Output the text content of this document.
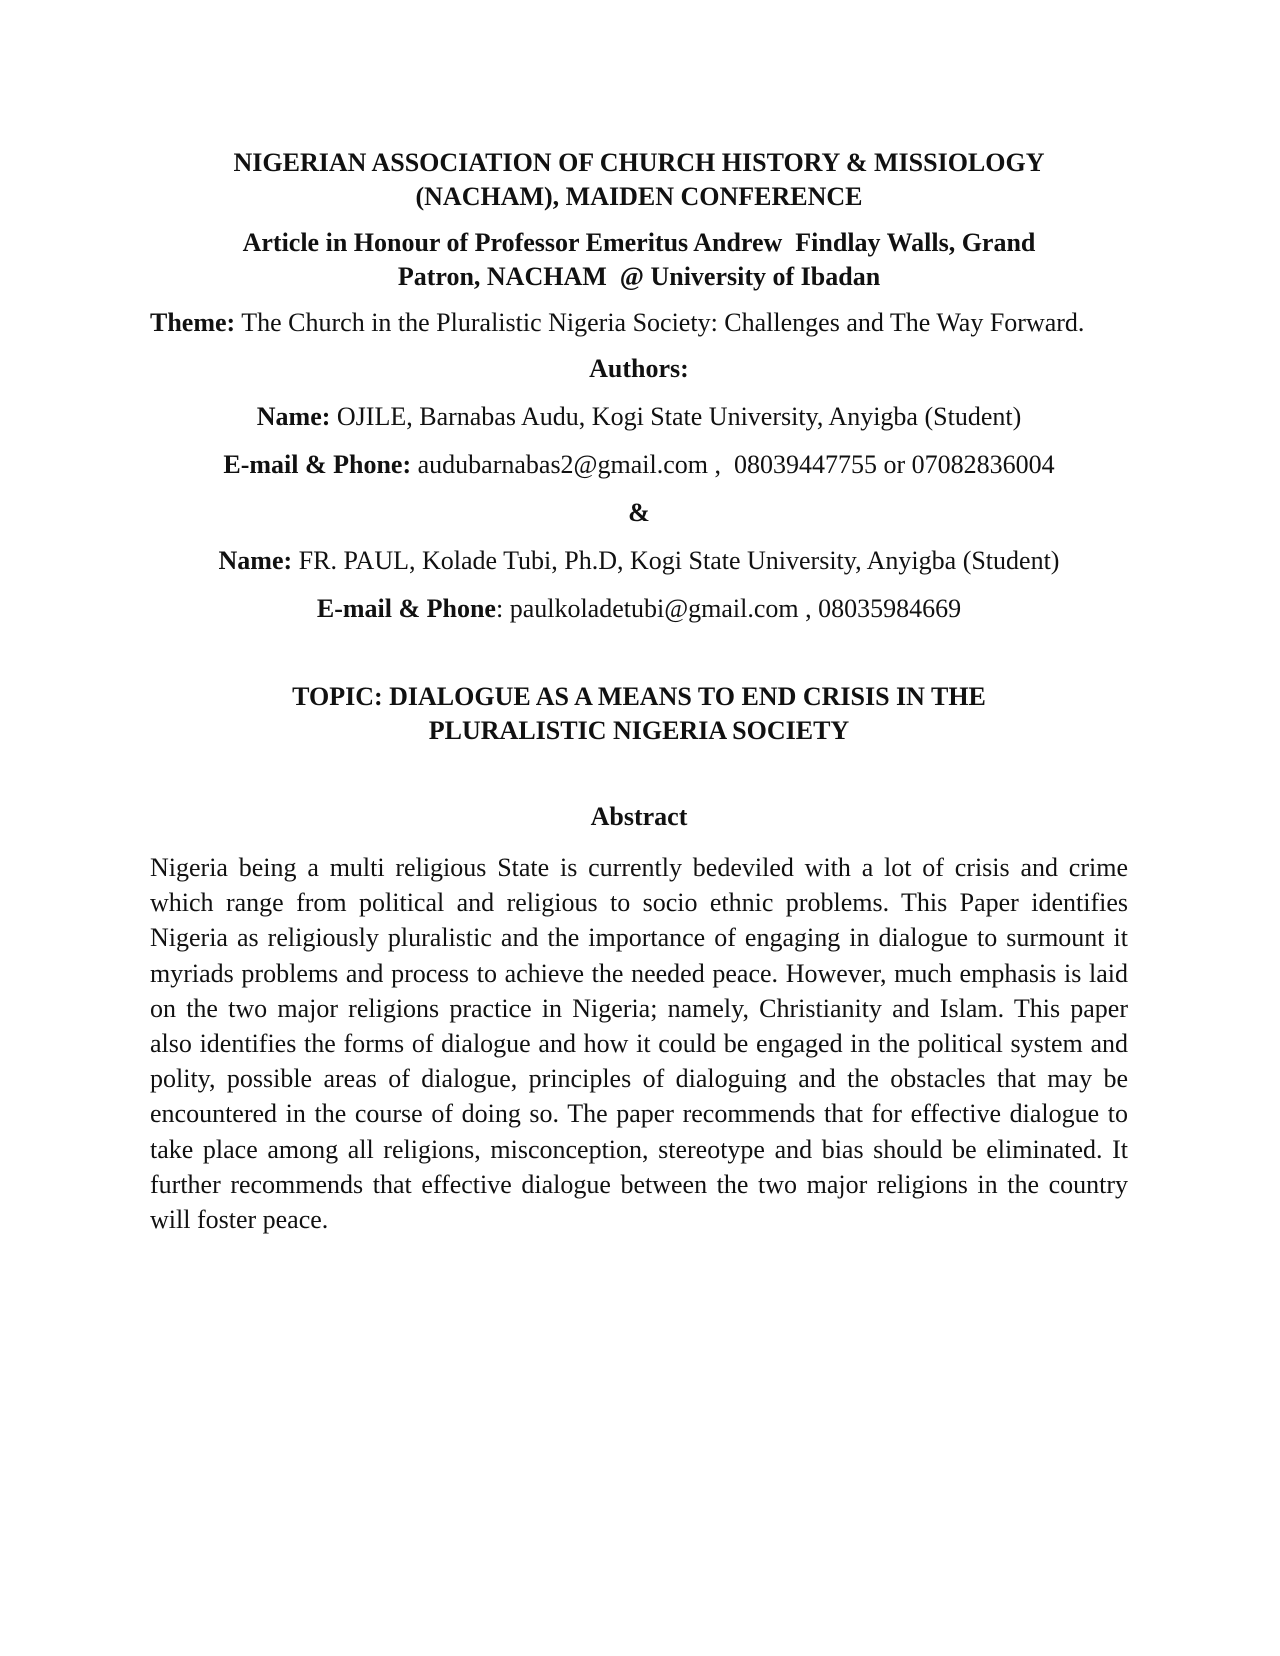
NIGERIAN ASSOCIATION OF CHURCH HISTORY & MISSIOLOGY
(NACHAM), MAIDEN CONFERENCE
Article in Honour of Professor Emeritus Andrew  Findlay Walls, Grand
Patron, NACHAM  @ University of Ibadan
Theme: The Church in the Pluralistic Nigeria Society: Challenges and The Way Forward.
Authors:
Name: OJILE, Barnabas Audu, Kogi State University, Anyigba (Student)
E-mail & Phone: audubarnabas2@gmail.com ,  08039447755 or 07082836004
&
Name: FR. PAUL, Kolade Tubi, Ph.D, Kogi State University, Anyigba (Student)
E-mail & Phone: paulkoladetubi@gmail.com , 08035984669
TOPIC: DIALOGUE AS A MEANS TO END CRISIS IN THE
PLURALISTIC NIGERIA SOCIETY
Abstract
Nigeria being a multi religious State is currently bedeviled with a lot of crisis and crime which range from political and religious to socio ethnic problems. This Paper identifies Nigeria as religiously pluralistic and the importance of engaging in dialogue to surmount it myriads problems and process to achieve the needed peace. However, much emphasis is laid on the two major religions practice in Nigeria; namely, Christianity and Islam. This paper also identifies the forms of dialogue and how it could be engaged in the political system and polity, possible areas of dialogue, principles of dialoguing and the obstacles that may be encountered in the course of doing so. The paper recommends that for effective dialogue to take place among all religions, misconception, stereotype and bias should be eliminated. It further recommends that effective dialogue between the two major religions in the country will foster peace.
